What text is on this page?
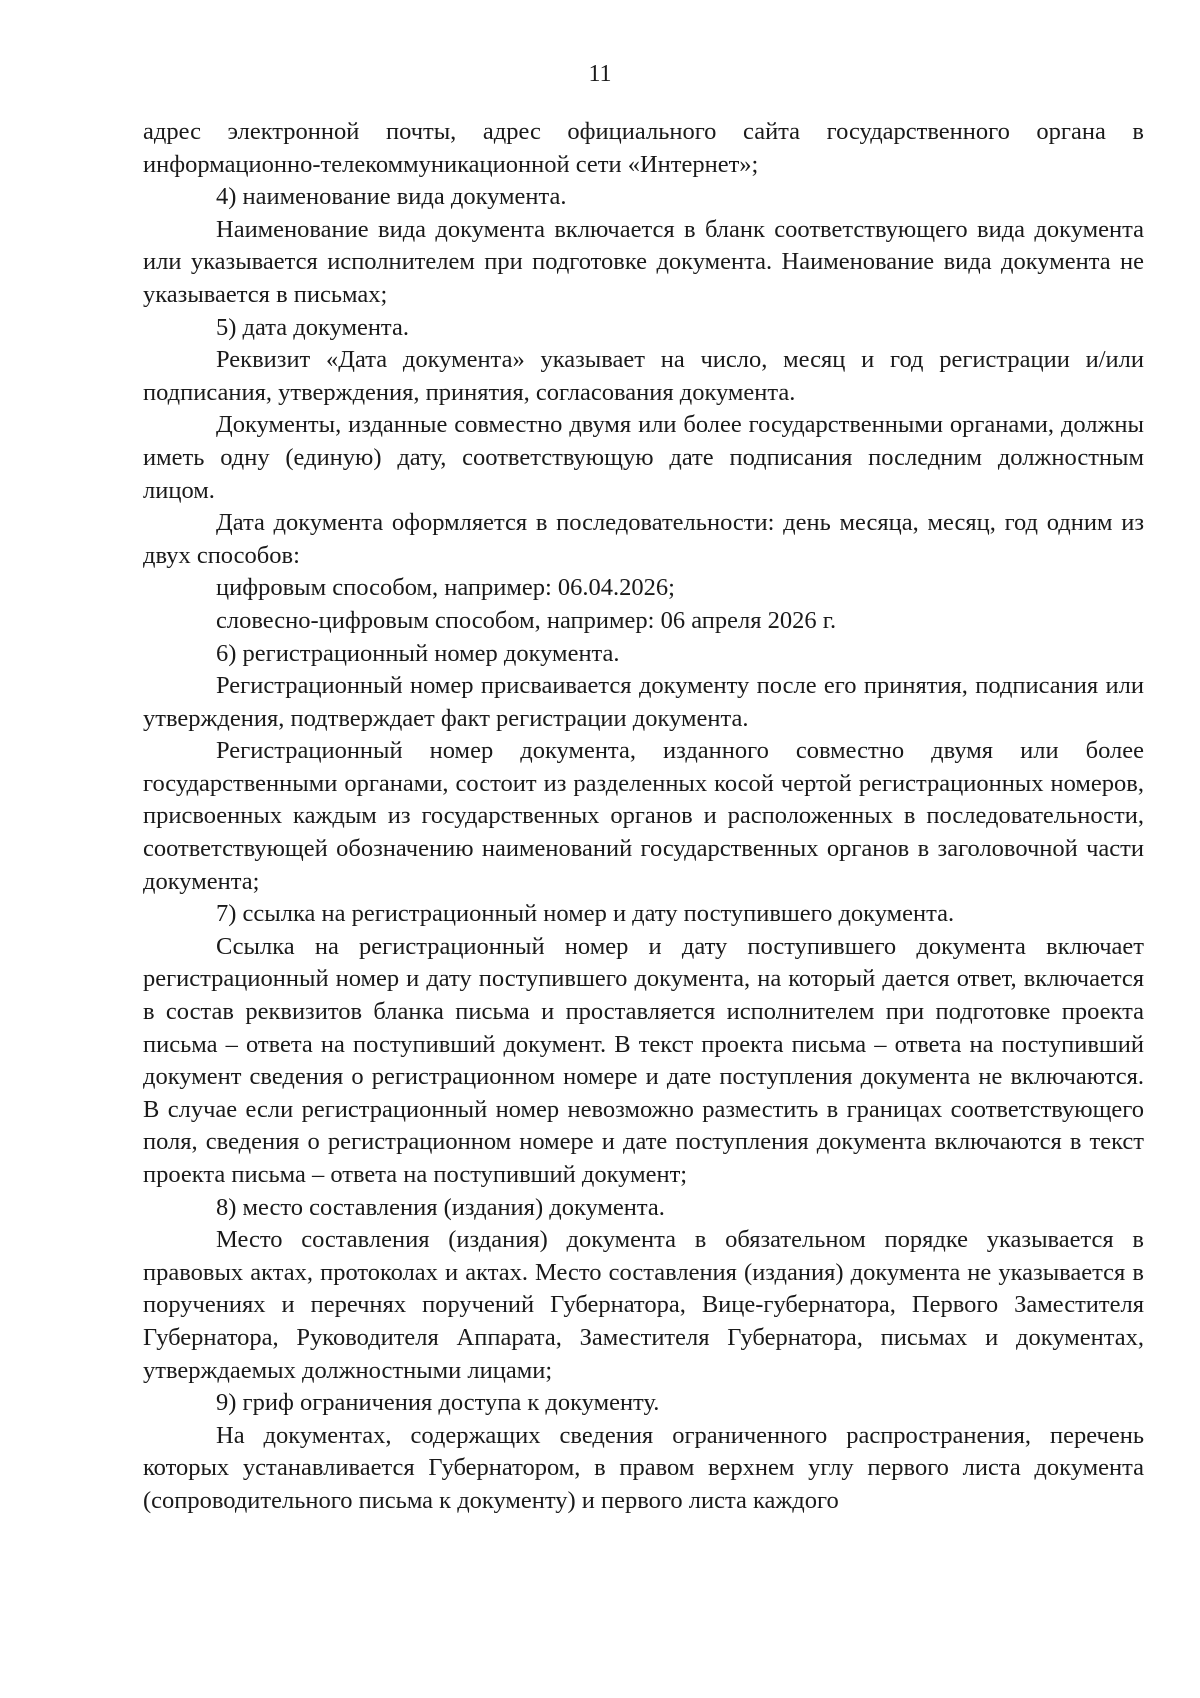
11

адрес электронной почты, адрес официального сайта государственного органа в информационно-телекоммуникационной сети «Интернет»;

4) наименование вида документа.

Наименование вида документа включается в бланк соответствующего вида документа или указывается исполнителем при подготовке документа. Наименование вида документа не указывается в письмах;

5) дата документа.

Реквизит «Дата документа» указывает на число, месяц и год регистрации и/или подписания, утверждения, принятия, согласования документа.

Документы, изданные совместно двумя или более государственными органами, должны иметь одну (единую) дату, соответствующую дате подписания последним должностным лицом.

Дата документа оформляется в последовательности: день месяца, месяц, год одним из двух способов:

цифровым способом, например: 06.04.2026;

словесно-цифровым способом, например: 06 апреля 2026 г.

6) регистрационный номер документа.

Регистрационный номер присваивается документу после его принятия, подписания или утверждения, подтверждает факт регистрации документа.

Регистрационный номер документа, изданного совместно двумя или более государственными органами, состоит из разделенных косой чертой регистрационных номеров, присвоенных каждым из государственных органов и расположенных в последовательности, соответствующей обозначению наименований государственных органов в заголовочной части документа;

7) ссылка на регистрационный номер и дату поступившего документа.

Ссылка на регистрационный номер и дату поступившего документа включает регистрационный номер и дату поступившего документа, на который дается ответ, включается в состав реквизитов бланка письма и проставляется исполнителем при подготовке проекта письма – ответа на поступивший документ. В текст проекта письма – ответа на поступивший документ сведения о регистрационном номере и дате поступления документа не включаются. В случае если регистрационный номер невозможно разместить в границах соответствующего поля, сведения о регистрационном номере и дате поступления документа включаются в текст проекта письма – ответа на поступивший документ;

8) место составления (издания) документа.

Место составления (издания) документа в обязательном порядке указывается в правовых актах, протоколах и актах. Место составления (издания) документа не указывается в поручениях и перечнях поручений Губернатора, Вице-губернатора, Первого Заместителя Губернатора, Руководителя Аппарата, Заместителя Губернатора, письмах и документах, утверждаемых должностными лицами;

9) гриф ограничения доступа к документу.

На документах, содержащих сведения ограниченного распространения, перечень которых устанавливается Губернатором, в правом верхнем углу первого листа документа (сопроводительного письма к документу) и первого листа каждого
